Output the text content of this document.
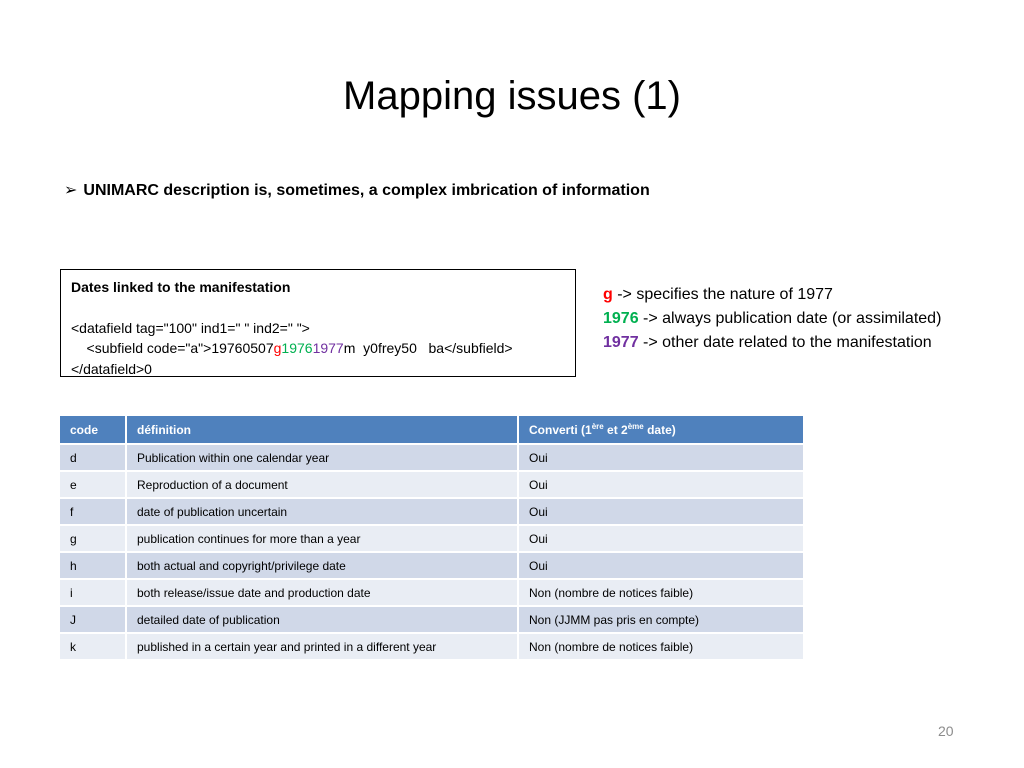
Mapping issues (1)
➢ UNIMARC description is, sometimes, a complex imbrication of information
Dates linked to the manifestation
<datafield tag="100" ind1=" " ind2=" ">
<subfield code="a">19760507g19761977m  y0frey50   ba</subfield>
</datafield>0
g -> specifies the nature of 1977
1976 -> always publication date (or assimilated)
1977 -> other date related to the manifestation
code	définition	Converti (1ère et 2ème date)
d	Publication within one calendar year	Oui
e	Reproduction of a document	Oui
f	date of publication uncertain	Oui
g	publication continues for more than a year	Oui
h	both actual and copyright/privilege date	Oui
i	both release/issue date and production date	Non (nombre de notices faible)
J	detailed date of publication	Non (JJMM pas pris en compte)
k	published in a certain year and printed in a different year	Non (nombre de notices faible)
20
